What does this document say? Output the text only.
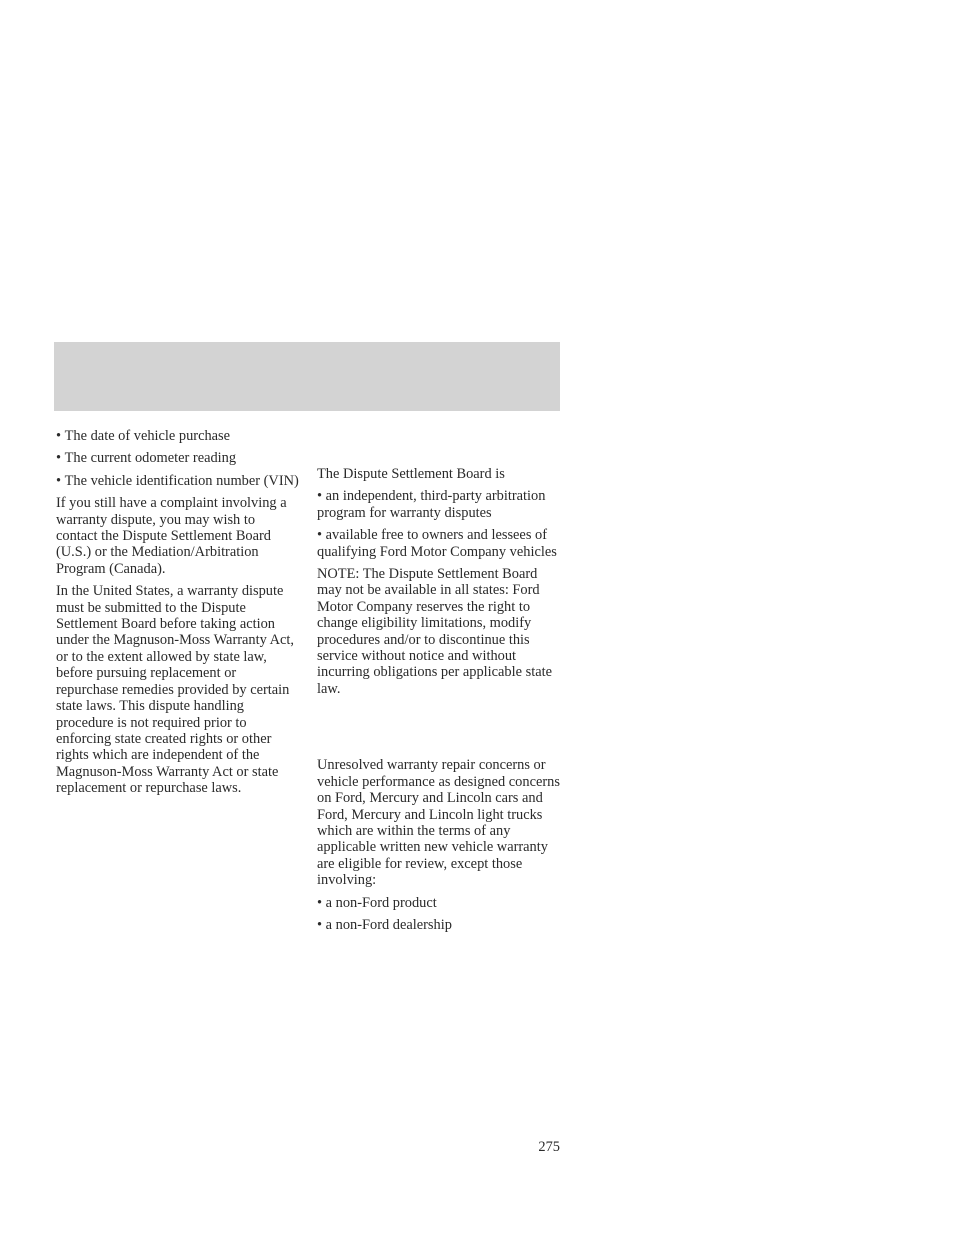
• The date of vehicle purchase

• The current odometer reading

• The vehicle identification number (VIN)

If you still have a complaint involving a warranty dispute, you may wish to contact the Dispute Settlement Board (U.S.) or the Mediation/Arbitration Program (Canada).

In the United States, a warranty dispute must be submitted to the Dispute Settlement Board before taking action under the Magnuson-Moss Warranty Act, or to the extent allowed by state law, before pursuing replacement or repurchase remedies provided by certain state laws. This dispute handling procedure is not required prior to enforcing state created rights or other rights which are independent of the Magnuson-Moss Warranty Act or state replacement or repurchase laws.

The Dispute Settlement Board is

• an independent, third-party arbitration program for warranty disputes

• available free to owners and lessees of qualifying Ford Motor Company vehicles

NOTE: The Dispute Settlement Board may not be available in all states: Ford Motor Company reserves the right to change eligibility limitations, modify procedures and/or to discontinue this service without notice and without incurring obligations per applicable state law.

Unresolved warranty repair concerns or vehicle performance as designed concerns on Ford, Mercury and Lincoln cars and Ford, Mercury and Lincoln light trucks which are within the terms of any applicable written new vehicle warranty are eligible for review, except those involving:

• a non-Ford product

• a non-Ford dealership

275
